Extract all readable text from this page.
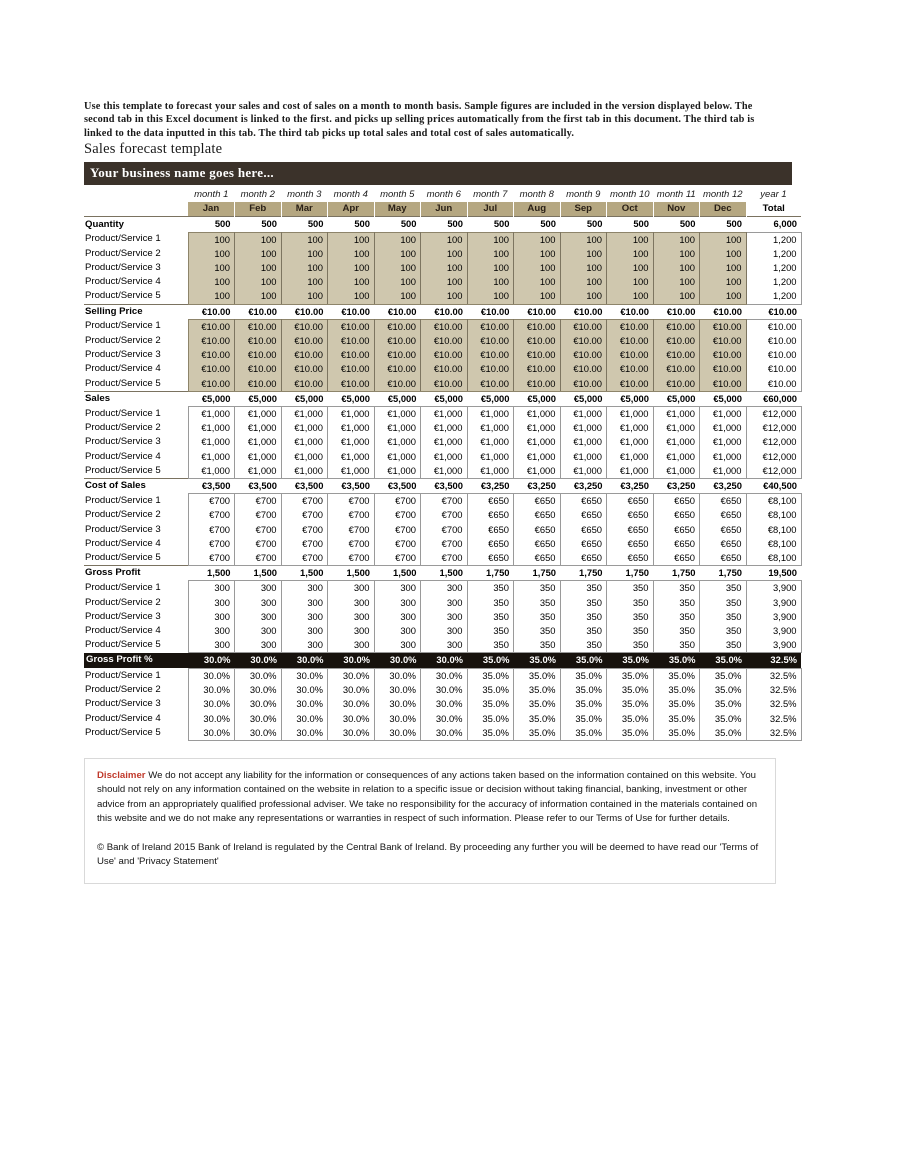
Use this template to forecast your sales and cost of sales on a month to month basis. Sample figures are included in the version displayed below. The second tab in this Excel document is linked to the first. and picks up selling prices automatically from the first tab in this document. The third tab is linked to the data inputted in this tab. The third tab picks up total sales and total cost of sales automatically.
Sales forecast template
Your business name goes here...
	month 1	month 2	month 3	month 4	month 5	month 6	month 7	month 8	month 9	month 10	month 11	month 12	year 1
	Jan	Feb	Mar	Apr	May	Jun	Jul	Aug	Sep	Oct	Nov	Dec	Total
Quantity	500	500	500	500	500	500	500	500	500	500	500	500	6,000
Product/Service 1	100	100	100	100	100	100	100	100	100	100	100	100	1,200
Product/Service 2	100	100	100	100	100	100	100	100	100	100	100	100	1,200
Product/Service 3	100	100	100	100	100	100	100	100	100	100	100	100	1,200
Product/Service 4	100	100	100	100	100	100	100	100	100	100	100	100	1,200
Product/Service 5	100	100	100	100	100	100	100	100	100	100	100	100	1,200
Selling Price	€10.00	€10.00	€10.00	€10.00	€10.00	€10.00	€10.00	€10.00	€10.00	€10.00	€10.00	€10.00	€10.00
Product/Service 1	€10.00	€10.00	€10.00	€10.00	€10.00	€10.00	€10.00	€10.00	€10.00	€10.00	€10.00	€10.00	€10.00
Product/Service 2	€10.00	€10.00	€10.00	€10.00	€10.00	€10.00	€10.00	€10.00	€10.00	€10.00	€10.00	€10.00	€10.00
Product/Service 3	€10.00	€10.00	€10.00	€10.00	€10.00	€10.00	€10.00	€10.00	€10.00	€10.00	€10.00	€10.00	€10.00
Product/Service 4	€10.00	€10.00	€10.00	€10.00	€10.00	€10.00	€10.00	€10.00	€10.00	€10.00	€10.00	€10.00	€10.00
Product/Service 5	€10.00	€10.00	€10.00	€10.00	€10.00	€10.00	€10.00	€10.00	€10.00	€10.00	€10.00	€10.00	€10.00
Sales	€5,000	€5,000	€5,000	€5,000	€5,000	€5,000	€5,000	€5,000	€5,000	€5,000	€5,000	€5,000	€60,000
Product/Service 1	€1,000	€1,000	€1,000	€1,000	€1,000	€1,000	€1,000	€1,000	€1,000	€1,000	€1,000	€1,000	€12,000
Product/Service 2	€1,000	€1,000	€1,000	€1,000	€1,000	€1,000	€1,000	€1,000	€1,000	€1,000	€1,000	€1,000	€12,000
Product/Service 3	€1,000	€1,000	€1,000	€1,000	€1,000	€1,000	€1,000	€1,000	€1,000	€1,000	€1,000	€1,000	€12,000
Product/Service 4	€1,000	€1,000	€1,000	€1,000	€1,000	€1,000	€1,000	€1,000	€1,000	€1,000	€1,000	€1,000	€12,000
Product/Service 5	€1,000	€1,000	€1,000	€1,000	€1,000	€1,000	€1,000	€1,000	€1,000	€1,000	€1,000	€1,000	€12,000
Cost of Sales	€3,500	€3,500	€3,500	€3,500	€3,500	€3,500	€3,250	€3,250	€3,250	€3,250	€3,250	€3,250	€40,500
Product/Service 1	€700	€700	€700	€700	€700	€700	€650	€650	€650	€650	€650	€650	€8,100
Product/Service 2	€700	€700	€700	€700	€700	€700	€650	€650	€650	€650	€650	€650	€8,100
Product/Service 3	€700	€700	€700	€700	€700	€700	€650	€650	€650	€650	€650	€650	€8,100
Product/Service 4	€700	€700	€700	€700	€700	€700	€650	€650	€650	€650	€650	€650	€8,100
Product/Service 5	€700	€700	€700	€700	€700	€700	€650	€650	€650	€650	€650	€650	€8,100
Gross Profit	1,500	1,500	1,500	1,500	1,500	1,500	1,750	1,750	1,750	1,750	1,750	1,750	19,500
Product/Service 1	300	300	300	300	300	300	350	350	350	350	350	350	3,900
Product/Service 2	300	300	300	300	300	300	350	350	350	350	350	350	3,900
Product/Service 3	300	300	300	300	300	300	350	350	350	350	350	350	3,900
Product/Service 4	300	300	300	300	300	300	350	350	350	350	350	350	3,900
Product/Service 5	300	300	300	300	300	300	350	350	350	350	350	350	3,900
Gross Profit %	30.0%	30.0%	30.0%	30.0%	30.0%	30.0%	35.0%	35.0%	35.0%	35.0%	35.0%	35.0%	32.5%
Product/Service 1	30.0%	30.0%	30.0%	30.0%	30.0%	30.0%	35.0%	35.0%	35.0%	35.0%	35.0%	35.0%	32.5%
Product/Service 2	30.0%	30.0%	30.0%	30.0%	30.0%	30.0%	35.0%	35.0%	35.0%	35.0%	35.0%	35.0%	32.5%
Product/Service 3	30.0%	30.0%	30.0%	30.0%	30.0%	30.0%	35.0%	35.0%	35.0%	35.0%	35.0%	35.0%	32.5%
Product/Service 4	30.0%	30.0%	30.0%	30.0%	30.0%	30.0%	35.0%	35.0%	35.0%	35.0%	35.0%	35.0%	32.5%
Product/Service 5	30.0%	30.0%	30.0%	30.0%	30.0%	30.0%	35.0%	35.0%	35.0%	35.0%	35.0%	35.0%	32.5%

Disclaimer We do not accept any liability for the information or consequences of any actions taken based on the information contained on this website. You should not rely on any information contained on the website in relation to a specific issue or decision without taking financial, banking, investment or other advice from an appropriately qualified professional adviser. We take no responsibility for the accuracy of information contained in the materials contained on this website and we do not make any representations or warranties in respect of such information. Please refer to our Terms of Use for further details.

© Bank of Ireland 2015 Bank of Ireland is regulated by the Central Bank of Ireland. By proceeding any further you will be deemed to have read our 'Terms of Use' and 'Privacy Statement'
